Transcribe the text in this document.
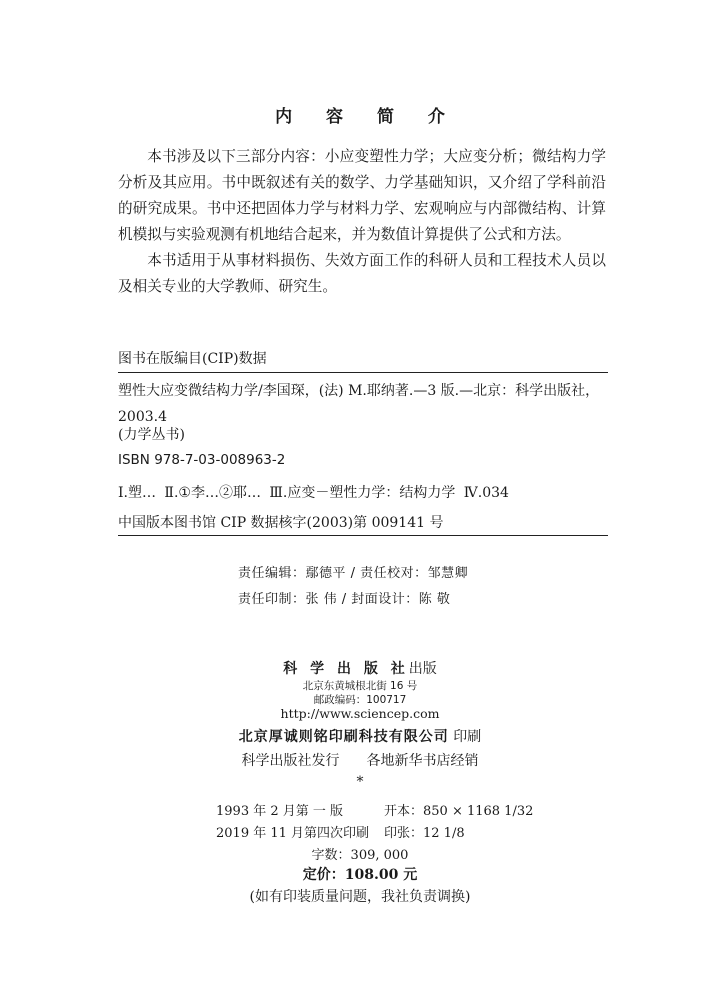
内 容 简 介

本书涉及以下三部分内容：小应变塑性力学；大应变分析；微结构力学分析及其应用。书中既叙述有关的数学、力学基础知识，又介绍了学科前沿的研究成果。书中还把固体力学与材料力学、宏观响应与内部微结构、计算机模拟与实验观测有机地结合起来，并为数值计算提供了公式和方法。

本书适用于从事材料损伤、失效方面工作的科研人员和工程技术人员以及相关专业的大学教师、研究生。

图书在版编目(CIP)数据
塑性大应变微结构力学/李国琛，(法) M.耶纳著.—3 版.—北京：科学出版社，2003.4
(力学丛书)
ISBN 978-7-03-008963-2
Ⅰ.塑… Ⅱ.①李…②耶… Ⅲ.应变－塑性力学：结构力学 Ⅳ.034
中国版本图书馆 CIP 数据核字(2003)第 009141 号
责任编辑：鄢德平 / 责任校对：邹慧卿
责任印制：张 伟 / 封面设计：陈 敬
科 学 出 版 社出版
北京东黄城根北街 16 号
邮政编码：100717
http://www.sciencep.com
北京厚诚则铭印刷科技有限公司 印刷
科学出版社发行 各地新华书店经销
*
1993 年 2 月第 一 版	开本：850 × 1168 1/32
2019 年 11 月第四次印刷 印张：12 1/8
字数：309, 000
定价：108.00 元
(如有印装质量问题，我社负责调换)
